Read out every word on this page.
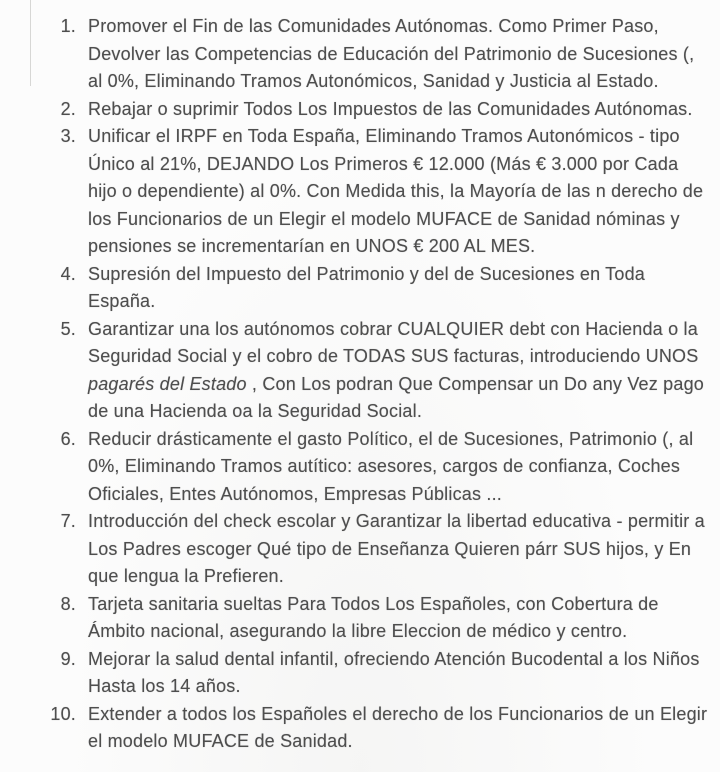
1. Promover el Fin de las Comunidades Autónomas. Como Primer Paso,
Devolver las Competencias de Educación del Patrimonio de Sucesiones (,
al 0%, Eliminando Tramos Autonómicos, Sanidad y Justicia al Estado.
2. Rebajar o suprimir Todos Los Impuestos de las Comunidades Autónomas.
3. Unificar el IRPF en Toda España, Eliminando Tramos Autonómicos - tipo
Único al 21%, DEJANDO Los Primeros € 12.000 (Más € 3.000 por Cada
hijo o dependiente) al 0%. Con Medida this, la Mayoría de las n derecho de
los Funcionarios de un Elegir el modelo MUFACE de Sanidad nóminas y
pensiones se incrementarían en UNOS € 200 AL MES.
4. Supresión del Impuesto del Patrimonio y del de Sucesiones en Toda
España.
5. Garantizar una los autónomos cobrar CUALQUIER debt con Hacienda o la
Seguridad Social y el cobro de TODAS SUS facturas, introduciendo UNOS
pagarés del Estado , Con Los podran Que Compensar un Do any Vez pago
de una Hacienda oa la Seguridad Social.
6. Reducir drásticamente el gasto Político, el de Sucesiones, Patrimonio (, al
0%, Eliminando Tramos autítico: asesores, cargos de confianza, Coches
Oficiales, Entes Autónomos, Empresas Públicas ...
7. Introducción del check escolar y Garantizar la libertad educativa - permitir a
Los Padres escoger Qué tipo de Enseñanza Quieren párr SUS hijos, y En
que lengua la Prefieren.
8. Tarjeta sanitaria sueltas Para Todos Los Españoles, con Cobertura de
Ámbito nacional, asegurando la libre Eleccion de médico y centro.
9. Mejorar la salud dental infantil, ofreciendo Atención Bucodental a los Niños
Hasta los 14 años.
10. Extender a todos los Españoles el derecho de los Funcionarios de un Elegir
el modelo MUFACE de Sanidad.
